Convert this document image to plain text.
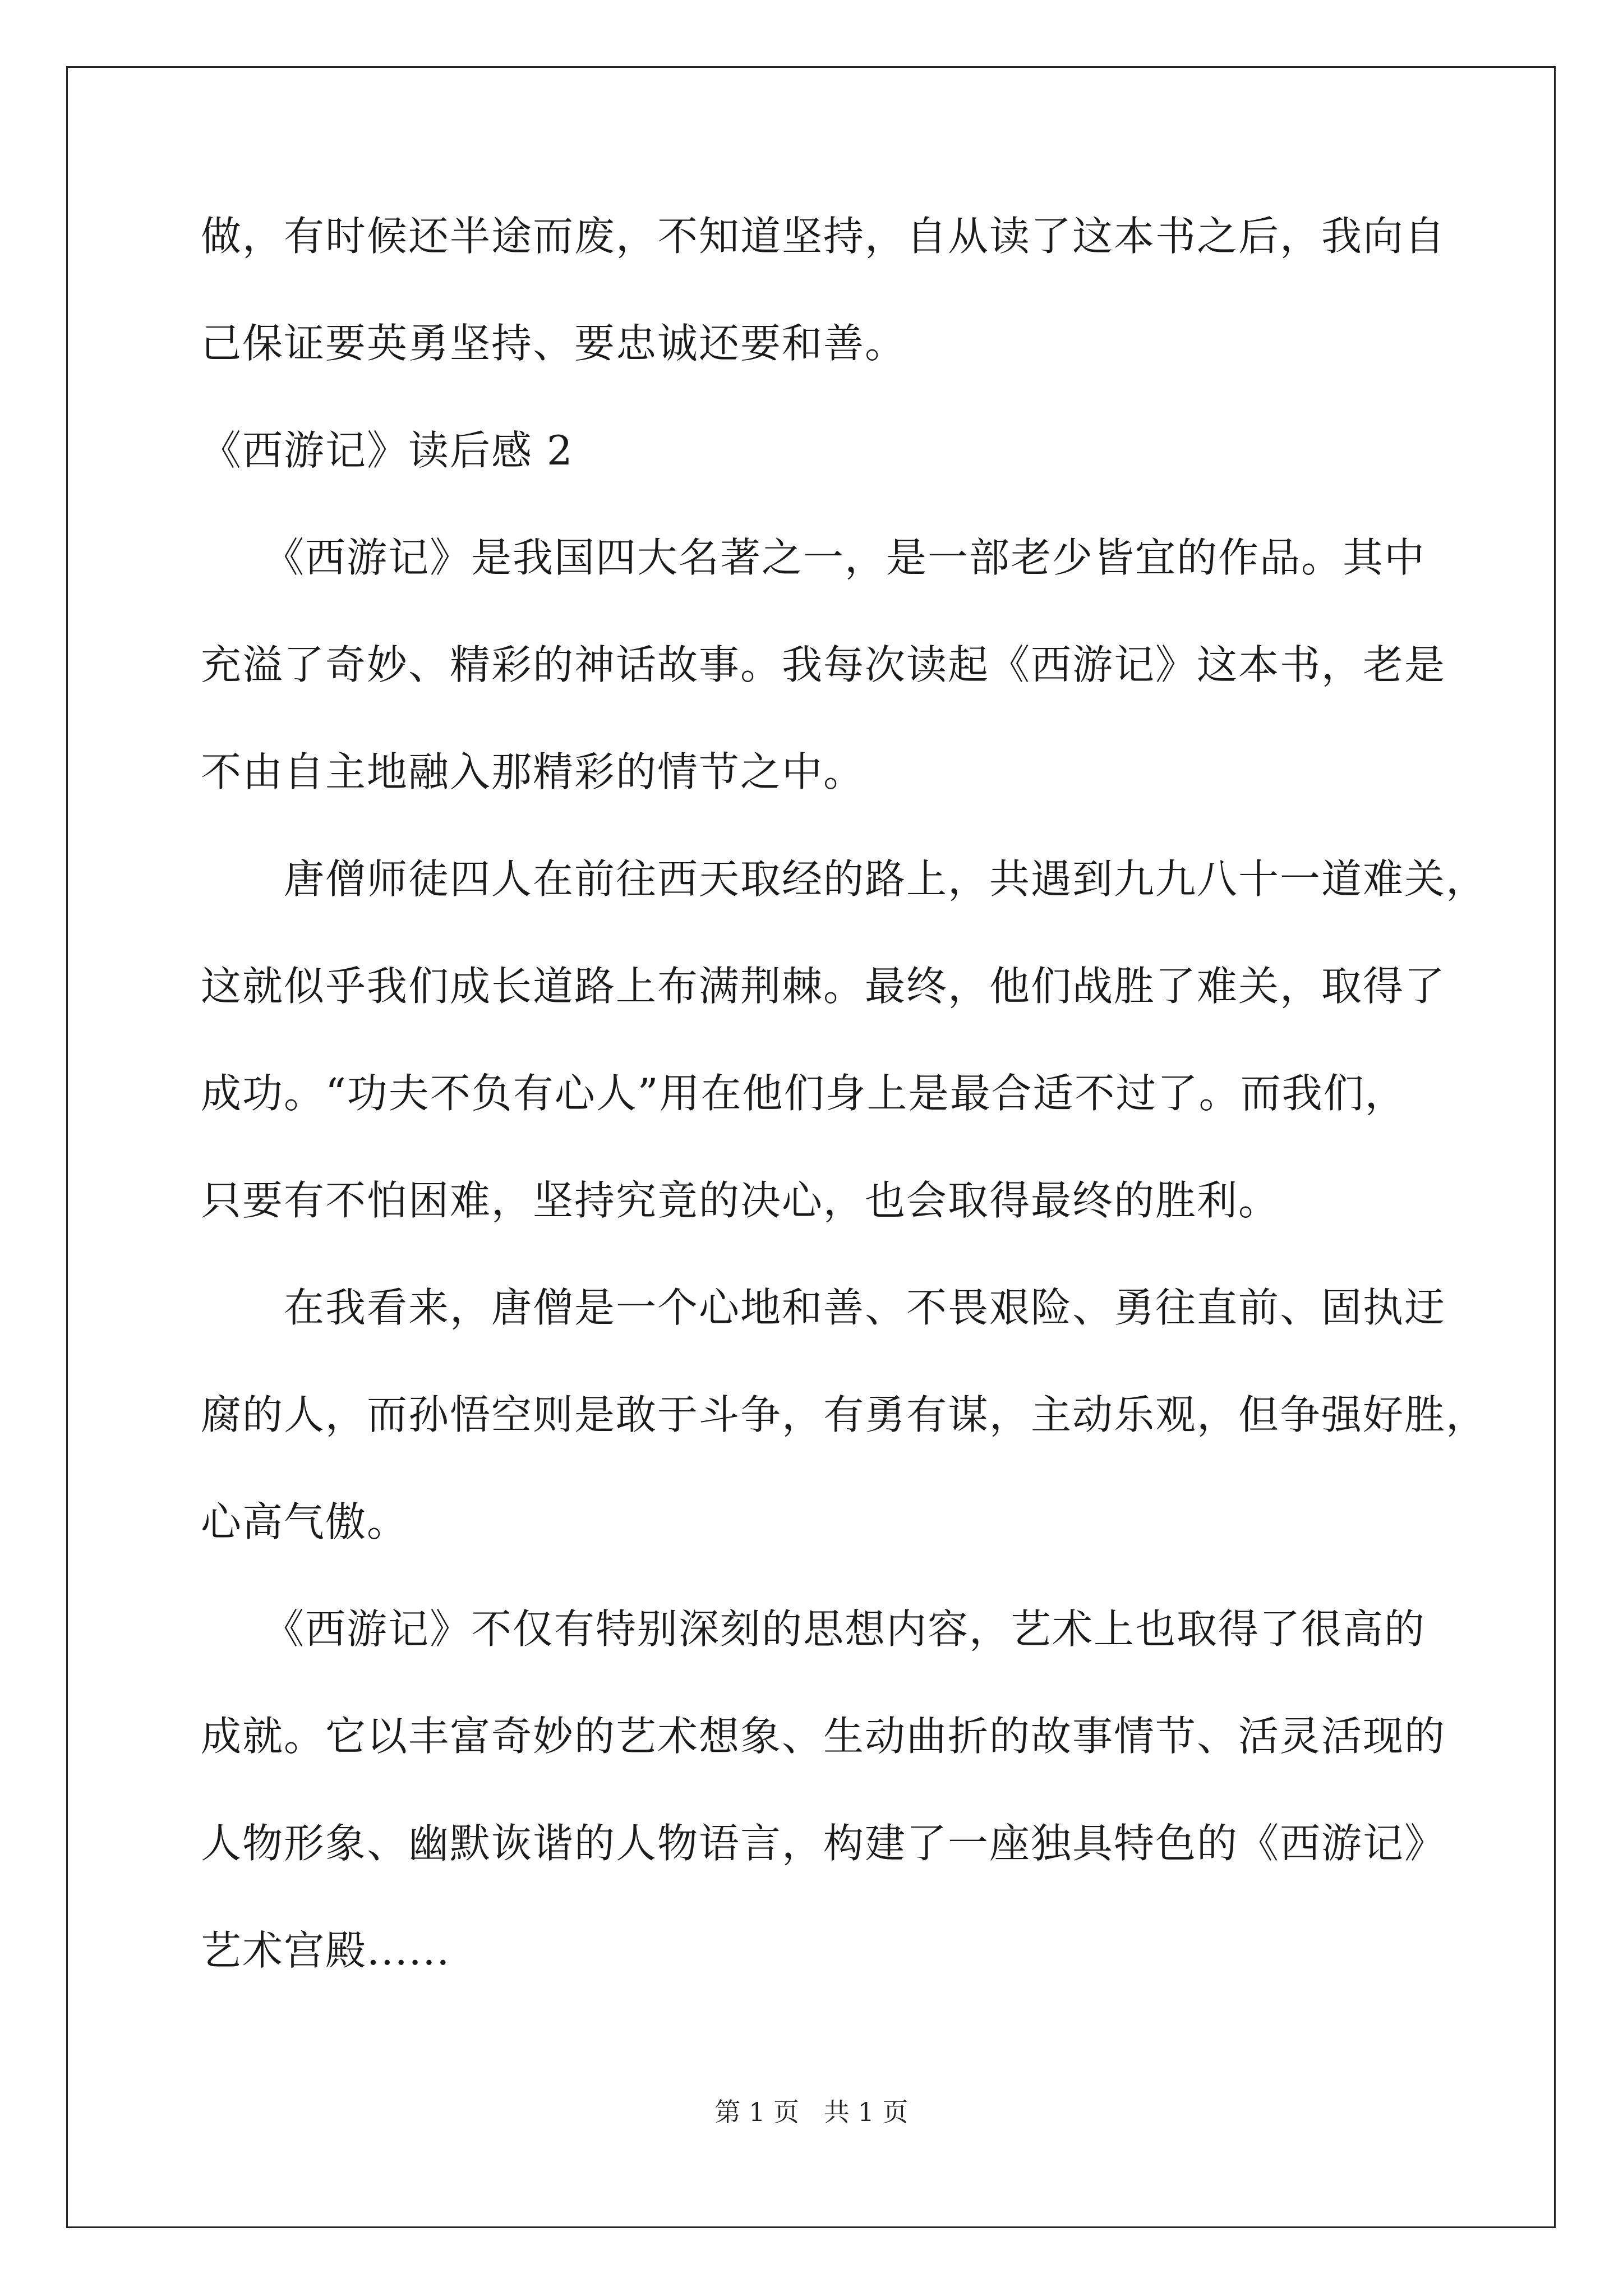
做，有时候还半途而废，不知道坚持，自从读了这本书之后，我向自
己保证要英勇坚持、要忠诚还要和善。
《西游记》读后感 2
　　《西游记》是我国四大名著之一，是一部老少皆宜的作品。其中
充溢了奇妙、精彩的神话故事。我每次读起《西游记》这本书，老是
不由自主地融入那精彩的情节之中。
　　唐僧师徒四人在前往西天取经的路上，共遇到九九八十一道难关，
这就似乎我们成长道路上布满荆棘。最终，他们战胜了难关，取得了
成功。“功夫不负有心人”用在他们身上是最合适不过了。而我们，
只要有不怕困难，坚持究竟的决心，也会取得最终的胜利。
　　在我看来，唐僧是一个心地和善、不畏艰险、勇往直前、固执迂
腐的人，而孙悟空则是敢于斗争，有勇有谋，主动乐观，但争强好胜，
心高气傲。
　　《西游记》不仅有特别深刻的思想内容，艺术上也取得了很高的
成就。它以丰富奇妙的艺术想象、生动曲折的故事情节、活灵活现的
人物形象、幽默诙谐的人物语言，构建了一座独具特色的《西游记》
艺术宫殿......
第 1 页   共 1 页
